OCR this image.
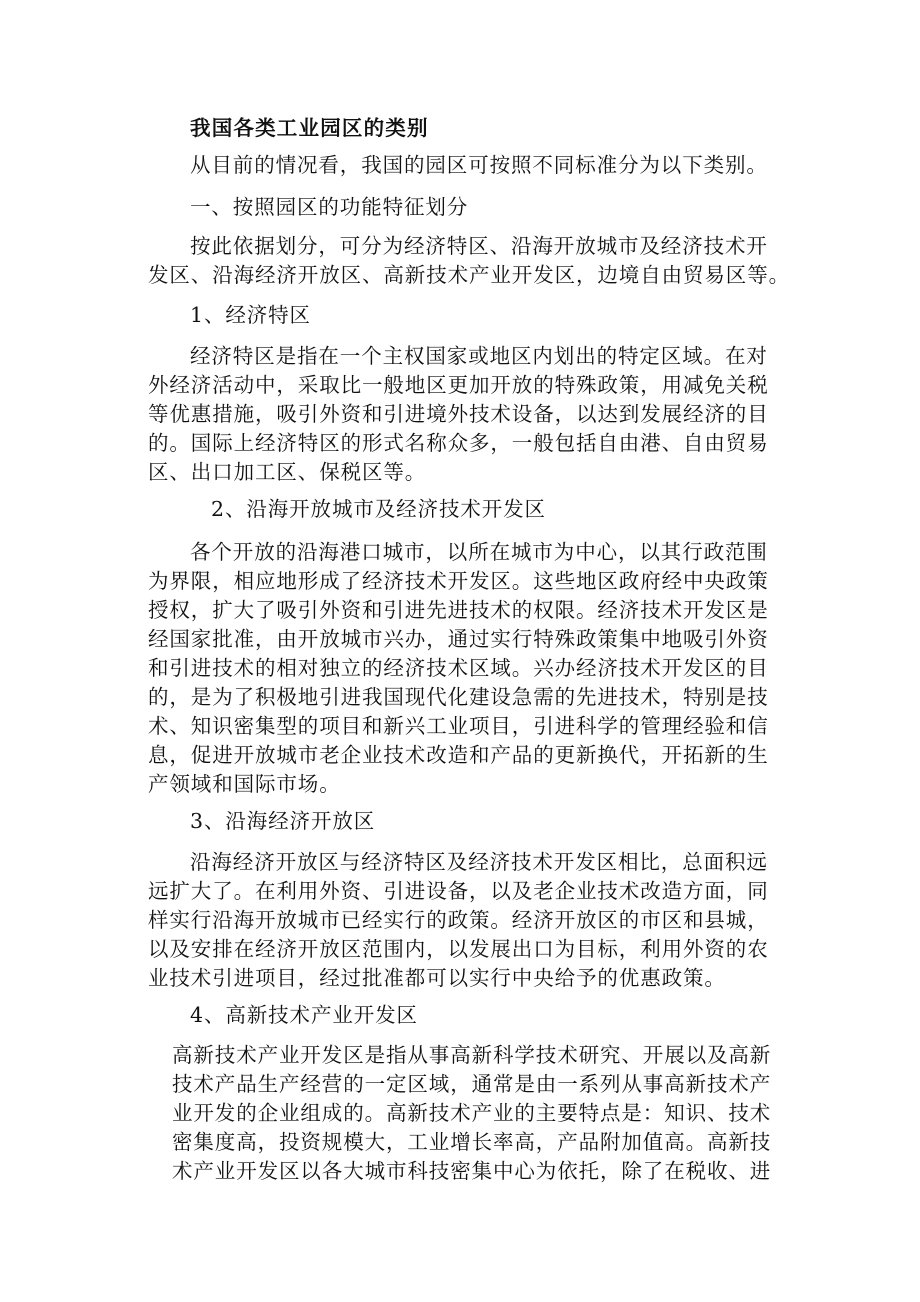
我国各类工业园区的类别
从目前的情况看，我国的园区可按照不同标准分为以下类别。
一、按照园区的功能特征划分
按此依据划分，可分为经济特区、沿海开放城市及经济技术开
发区、沿海经济开放区、高新技术产业开发区，边境自由贸易区等。
1、经济特区
经济特区是指在一个主权国家或地区内划出的特定区域。在对
外经济活动中，采取比一般地区更加开放的特殊政策，用减免关税
等优惠措施，吸引外资和引进境外技术设备，以达到发展经济的目
的。国际上经济特区的形式名称众多，一般包括自由港、自由贸易
区、出口加工区、保税区等。
2、沿海开放城市及经济技术开发区
各个开放的沿海港口城市，以所在城市为中心，以其行政范围
为界限，相应地形成了经济技术开发区。这些地区政府经中央政策
授权，扩大了吸引外资和引进先进技术的权限。经济技术开发区是
经国家批准，由开放城市兴办，通过实行特殊政策集中地吸引外资
和引进技术的相对独立的经济技术区域。兴办经济技术开发区的目
的，是为了积极地引进我国现代化建设急需的先进技术，特别是技
术、知识密集型的项目和新兴工业项目，引进科学的管理经验和信
息，促进开放城市老企业技术改造和产品的更新换代，开拓新的生
产领域和国际市场。
3、沿海经济开放区
沿海经济开放区与经济特区及经济技术开发区相比，总面积远
远扩大了。在利用外资、引进设备，以及老企业技术改造方面，同
样实行沿海开放城市已经实行的政策。经济开放区的市区和县城，
以及安排在经济开放区范围内，以发展出口为目标，利用外资的农
业技术引进项目，经过批准都可以实行中央给予的优惠政策。
4、高新技术产业开发区
高新技术产业开发区是指从事高新科学技术研究、开展以及高新
技术产品生产经营的一定区域，通常是由一系列从事高新技术产
业开发的企业组成的。高新技术产业的主要特点是：知识、技术
密集度高，投资规模大，工业增长率高，产品附加值高。高新技
术产业开发区以各大城市科技密集中心为依托，除了在税收、进
